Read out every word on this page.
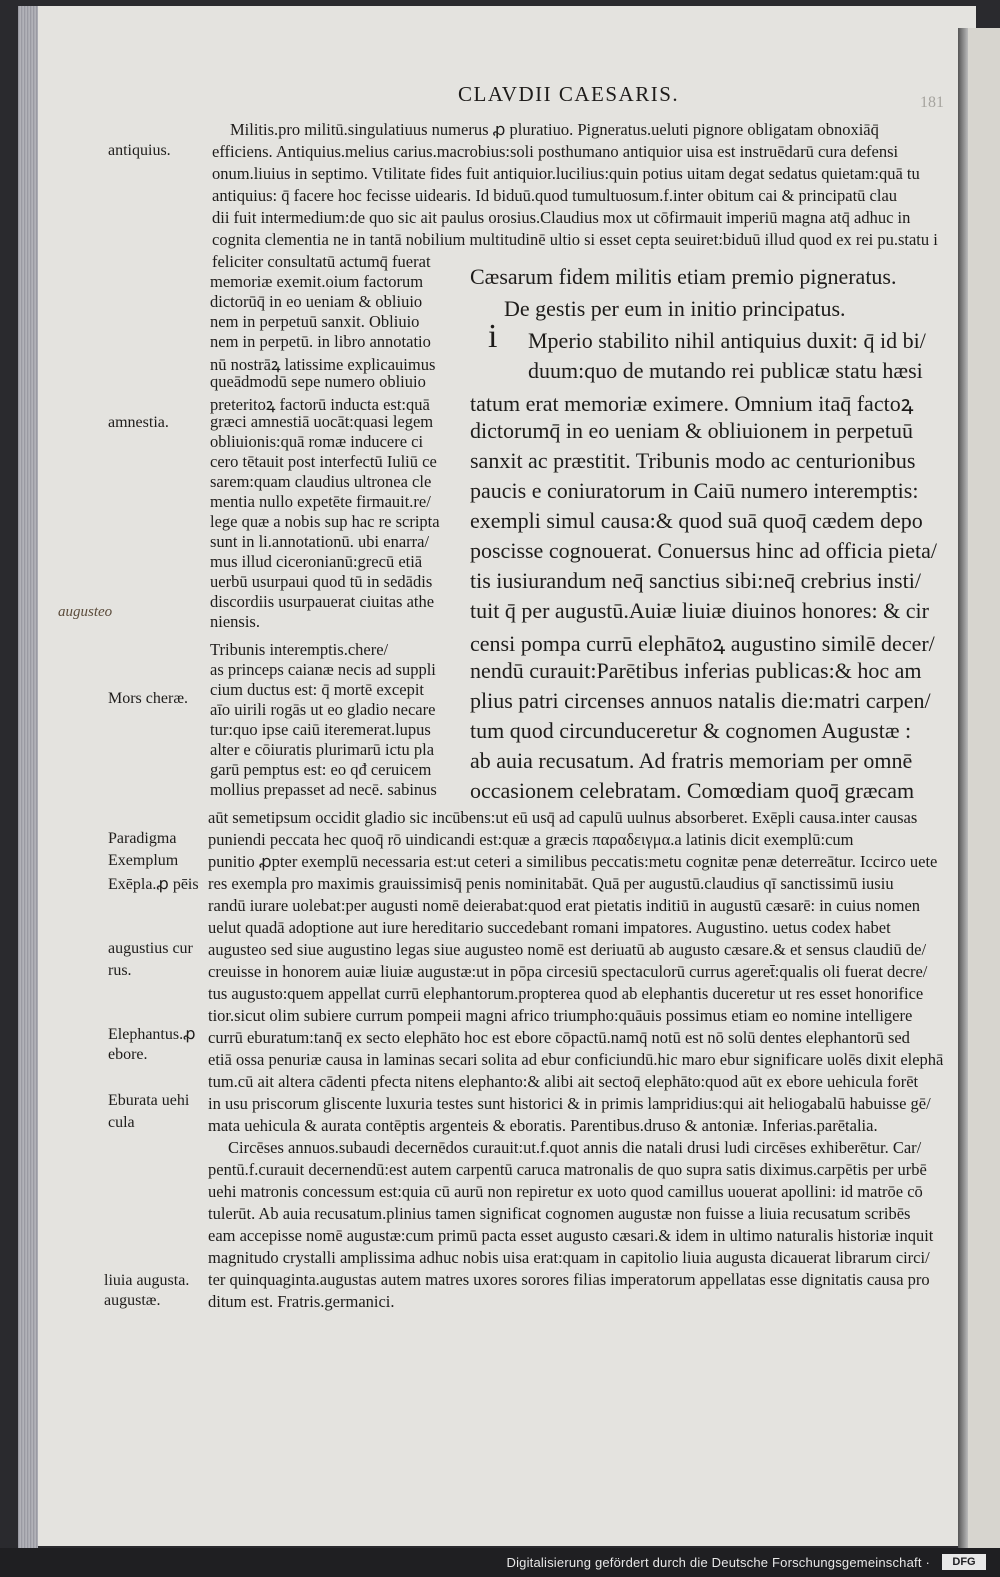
181
CLAVDII CAESARIS.
Militis.pro militū.singulatiuus numerus ꝓ pluratiuo. Pigneratus.ueluti pignore obligatam obnoxiāq̄
efficiens. Antiquius.melius carius.macrobius:soli posthumano antiquior uisa est instruēdarū cura defensi
onum.liuius in septimo. Vtilitate fides fuit antiquior.lucilius:quin potius uitam degat sedatus quietam:quā tu
antiquius: q̄ facere hoc fecisse uidearis. Id biduū.quod tumultuosum.f.inter obitum cai & principatū clau
dii fuit intermedium:de quo sic ait paulus orosius.Claudius mox ut cōfirmauit imperiū magna atq̄ adhuc in
cognita clementia ne in tantā nobilium multitudinē ultio si esset cepta seuiret:biduū illud quod ex rei pu.statu i
feliciter consultatū actumq̄ fuerat
memoriæ exemit.oium factorum
dictorūq̄ in eo ueniam & obliuio
nem in perpetuū sanxit. Obliuio
nem in perpetū. in libro annotatio
nū nostrāꝝ latissime explicauimus
queādmodū sepe numero obliuio
preteritoꝝ factorū inducta est:quā
græci amnestiā uocāt:quasi legem
obliuionis:quā romæ inducere ci
cero tētauit post interfectū Iuliū ce
sarem:quam claudius ultronea cle
mentia nullo expetēte firmauit.re/
lege quæ a nobis sup hac re scripta
sunt in li.annotationū. ubi enarra/
mus illud ciceronianū:grecū etiā
uerbū usurpaui quod tū in sedādis
discordiis usurpauerat ciuitas athe
niensis.
Tribunis interemptis.chere/
as princeps caianæ necis ad suppli
cium ductus est: q̄ mortē excepit
aīo uirili rogās ut eo gladio necare
tur:quo ipse caiū iteremerat.lupus
alter e cōiuratis plurimarū ictu pla
garū pemptus est: eo qđ ceruicem
mollius prepasset ad necē. sabinus
Cæsarum fidem militis etiam premio pigneratus.
De gestis per eum in initio principatus.
i Mperio stabilito nihil antiquius duxit: q̄ id bi/
duum:quo de mutando rei publicæ statu hæsi
tatum erat memoriæ eximere. Omnium itaq̄ factoꝝ
dictorumq̄ in eo ueniam & obliuionem in perpetuū
sanxit ac præstitit. Tribunis modo ac centurionibus
paucis e coniuratorum in Caiū numero interemptis:
exempli simul causa:& quod suā quoq̄ cædem depo
poscisse cognouerat. Conuersus hinc ad officia pieta/
tis iusiurandum neq̄ sanctius sibi:neq̄ crebrius insti/
tuit q̄ per augustū.Auiæ liuiæ diuinos honores: & cir
censi pompa currū elephātoꝝ augustino similē decer/
nendū curauit:Parētibus inferias publicas:& hoc am
plius patri circenses annuos natalis die:matri carpen/
tum quod circunduceretur & cognomen Augustæ :
ab auia recusatum. Ad fratris memoriam per omnē
occasionem celebratam. Comœdiam quoq̄ græcam
aūt semetipsum occidit gladio sic incūbens:ut eū usq̄ ad capulū uulnus absorberet. Exēpli causa.inter causas
puniendi peccata hec quoq̄ rō uindicandi est:quæ a græcis παραδειγμα.a latinis dicit exemplū:cum
punitio ꝓpter exemplū necessaria est:ut ceteri a similibus peccatis:metu cognitæ penæ deterreātur. Iccirco uete
res exempla pro maximis grauissimisq̄ penis nominitabāt. Quā per augustū.claudius qī sanctissimū iusiu
randū iurare uolebat:per augusti nomē deierabat:quod erat pietatis inditiū in augustū cæsarē: in cuius nomen
uelut quadā adoptione aut iure hereditario succedebant romani impatores. Augustino. uetus codex habet
augusteo sed siue augustino legas siue augusteo nomē est deriuatū ab augusto cæsare.& et sensus claudiū de/
creuisse in honorem auiæ liuiæ augustæ:ut in pōpa circesiū spectaculorū currus ageret̄:qualis oli fuerat decre/
tus augusto:quem appellat currū elephantorum.propterea quod ab elephantis duceretur ut res esset honorifice
tior.sicut olim subiere currum pompeii magni africo triumpho:quāuis possimus etiam eo nomine intelligere
currū eburatum:tanq̄ ex secto elephāto hoc est ebore cōpactū.namq̄ notū est nō solū dentes elephantorū sed
etiā ossa penuriæ causa in laminas secari solita ad ebur conficiundū.hic maro ebur significare uolēs dixit elephā
tum.cū ait altera cādenti pfecta nitens elephanto:& alibi ait sectoq̄ elephāto:quod aūt ex ebore uehicula forēt
in usu priscorum gliscente luxuria testes sunt historici & in primis lampridius:qui ait heliogabalū habuisse gē/
mata uehicula & aurata contēptis argenteis & eboratis. Parentibus.druso & antoniæ. Inferias.parētalia.
Circēses annuos.subaudi decernēdos curauit:ut.f.quot annis die natali drusi ludi circēses exhiberētur. Car/
pentū.f.curauit decernendū:est autem carpentū caruca matronalis de quo supra satis diximus.carpētis per urbē
uehi matronis concessum est:quia cū aurū non repiretur ex uoto quod camillus uouerat apollini: id matrōe cō
tulerūt. Ab auia recusatum.plinius tamen significat cognomen augustæ non fuisse a liuia recusatum scribēs
eam accepisse nomē augustæ:cum primū pacta esset augusto cæsari.& idem in ultimo naturalis historiæ inquit
magnitudo crystalli amplissima adhuc nobis uisa erat:quam in capitolio liuia augusta dicauerat librarum circi/
ter quinquaginta.augustas autem matres uxores sorores filias imperatorum appellatas esse dignitatis causa pro
ditum est. Fratris.germanici.
antiquius.
amnestia.
augusteo
Mors cheræ.
Paradigma
Exemplum
Exēpla.ꝓ pēis
augustius cur
rus.
Elephantus.ꝓ
ebore.
Eburata uehi
cula
liuia augusta.
augustæ.
Digitalisierung gefördert durch die Deutsche Forschungsgemeinschaft ·	DFG
